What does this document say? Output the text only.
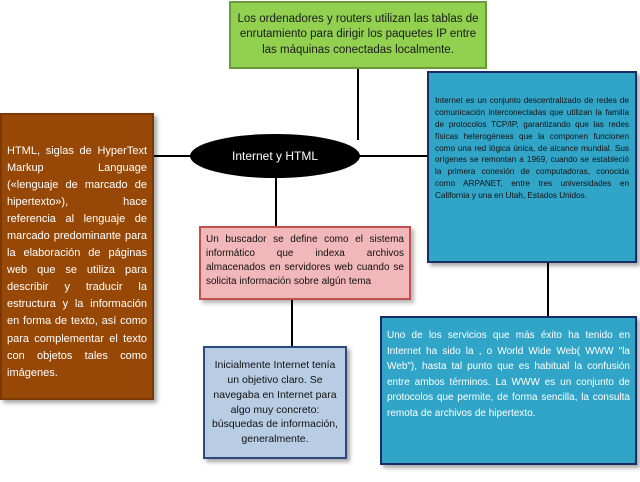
Los ordenadores y routers utilizan las tablas de enrutamiento para dirigir los paquetes IP entre las máquinas conectadas localmente.
HTML, siglas de HyperText Markup Language («lenguaje de marcado de hipertexto»), hace referencia al lenguaje de marcado predominante para la elaboración de páginas web que se utiliza para describir y traducir la estructura y la información en forma de texto, así como para complementar el texto con objetos tales como imágenes.
Internet es un conjunto descentralizado de redes de comunicación interconectadas que utilizan la familia de protocolos TCP/IP, garantizando que las redes físicas heterogéneas que la componen funcionen como una red lógica única, de alcance mundial. Sus orígenes se remontan a 1969, cuando se estableció la primera conexión de computadoras, conocida como ARPANET, entre tres universidades en California y una en Utah, Estados Unidos.
Internet y HTML
Un buscador se define como el sistema informático que indexa archivos almacenados en servidores web cuando se solicita información sobre algún tema
Inicialmente Internet tenía un objetivo claro. Se navegaba en Internet para algo muy concreto: búsquedas de información, generalmente.
Uno de los servicios que más éxito ha tenido en Internet ha sido la , o World Wide Web( WWW "la Web"), hasta tal punto que es habitual la confusión entre ambos términos. La WWW es un conjunto de protocolos que permite, de forma sencilla, la consulta remota de archivos de hipertexto.
